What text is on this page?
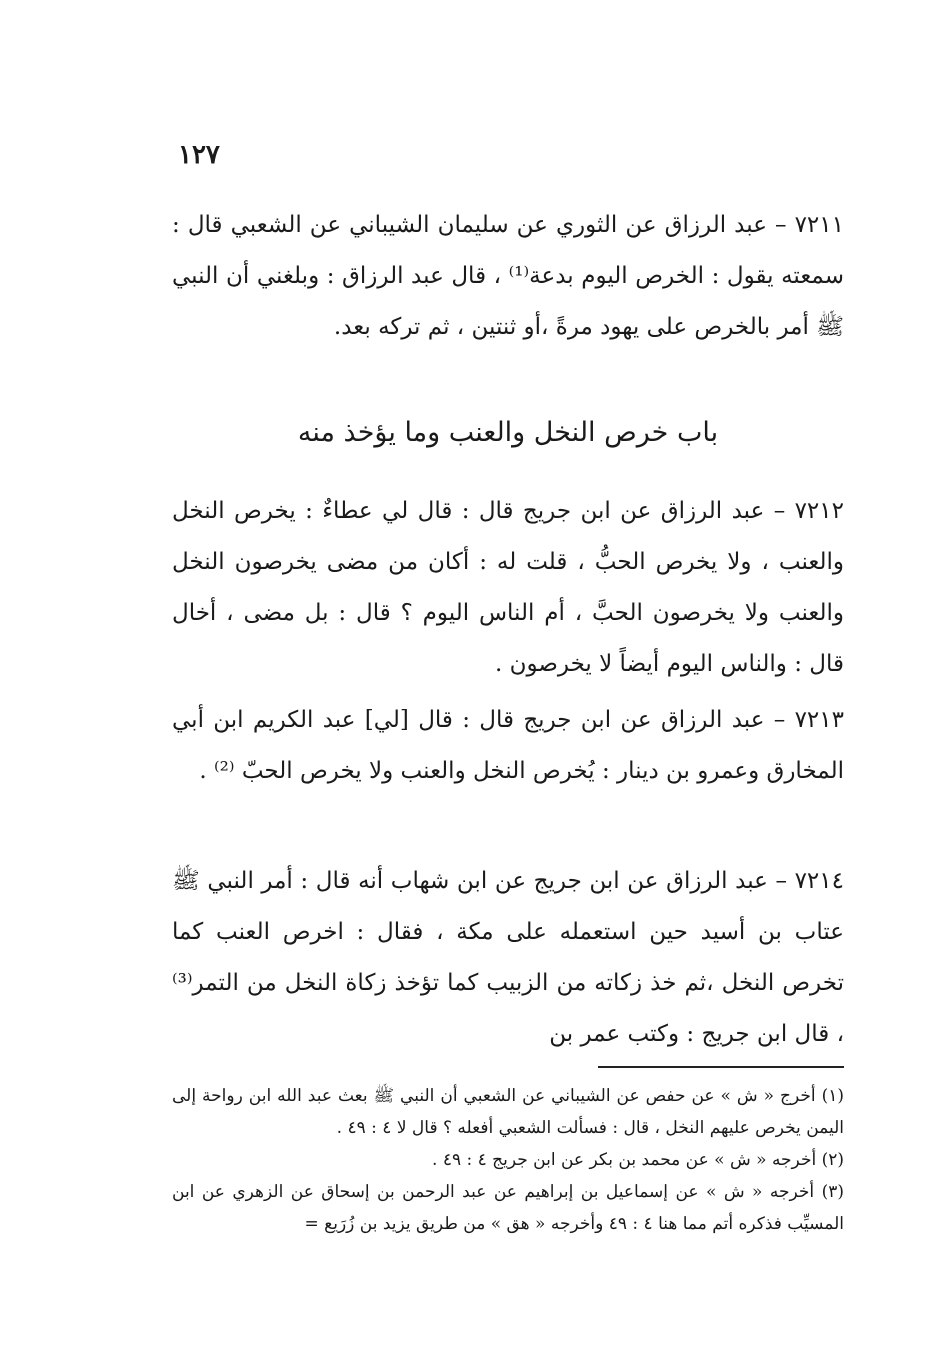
١٢٧

٧٢١١ – عبد الرزاق عن الثوري عن سليمان الشيباني عن الشعبي قال : سمعته يقول : الخرص اليوم بدعة⁽¹⁾ ، قال عبد الرزاق : وبلغني أن النبي ﷺ أمر بالخرص على يهود مرةً ،أو ثنتين ، ثم تركه بعد.

باب خرص النخل والعنب وما يؤخذ منه

٧٢١٢ – عبد الرزاق عن ابن جريج قال : قال لي عطاءٌ : يخرص النخل والعنب ، ولا يخرص الحبُّ ، قلت له : أكان من مضى يخرصون النخل والعنب ولا يخرصون الحبَّ ، أم الناس اليوم ؟ قال : بل مضى ، أخال قال : والناس اليوم أيضاً لا يخرصون .

٧٢١٣ – عبد الرزاق عن ابن جريج قال : قال [لي] عبد الكريم ابن أبي المخارق وعمرو بن دينار : يُخرص النخل والعنب ولا يخرص الحبّ ⁽²⁾ .

٧٢١٤ – عبد الرزاق عن ابن جريج عن ابن شهاب أنه قال : أمر النبي ﷺ عتاب بن أسيد حين استعمله على مكة ، فقال : اخرص العنب كما تخرص النخل ،ثم خذ زكاته من الزبيب كما تؤخذ زكاة النخل من التمر⁽³⁾ ، قال ابن جريج : وكتب عمر بن

(١) أخرج « ش » عن حفص عن الشيباني عن الشعبي أن النبي ﷺ بعث عبد الله ابن رواحة إلى اليمن يخرص عليهم النخل ، قال : فسألت الشعبي أفعله ؟ قال لا ٤ : ٤٩ .

(٢) أخرجه « ش » عن محمد بن بكر عن ابن جريج ٤ : ٤٩ .

(٣) أخرجه « ش » عن إسماعيل بن إبراهيم عن عبد الرحمن بن إسحاق عن الزهري عن ابن المسيِّب فذكره أتم مما هنا ٤ : ٤٩ وأخرجه « هق » من طريق يزيد بن زُرَيع =
